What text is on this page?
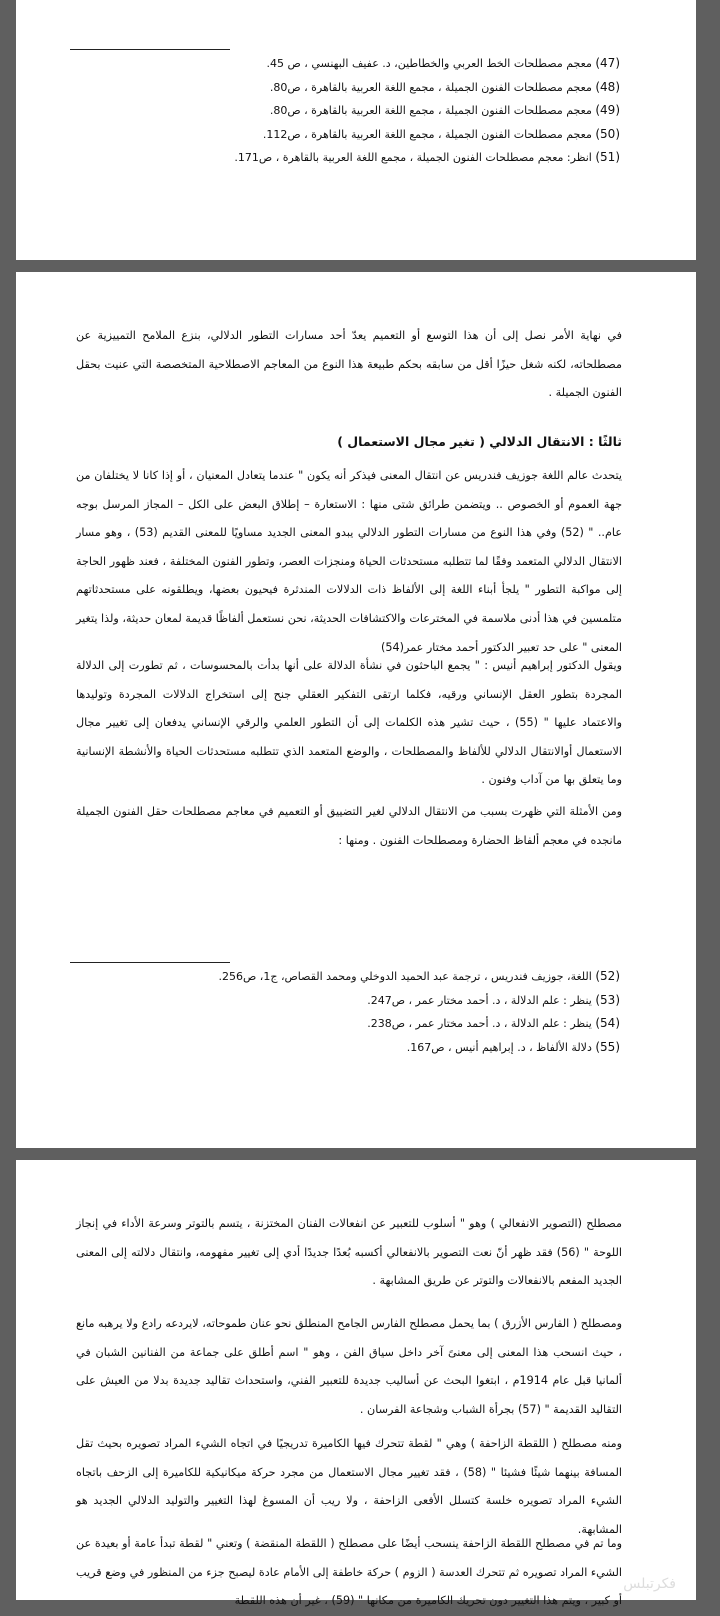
(47) معجم مصطلحات الخط العربي والخطاطين، د. عفيف البهنسي ، ص 45.
(48) معجم مصطلحات الفنون الجميلة ، مجمع اللغة العربية بالقاهرة ، ص80.
(49) معجم مصطلحات الفنون الجميلة ، مجمع اللغة العربية بالقاهرة ، ص80.
(50) معجم مصطلحات الفنون الجميلة ، مجمع اللغة العربية بالقاهرة ، ص112.
(51) انظر: معجم مصطلحات الفنون الجميلة ، مجمع اللغة العربية بالقاهرة ، ص171.

في نهاية الأمر نصل إلى أن هذا التوسع أو التعميم يعدّ أحد مسارات التطور الدلالي، بنزع الملامح التمييزية عن مصطلحاته، لكنه شغل حيزًا أقل من سابقه بحكم طبيعة هذا النوع من المعاجم الاصطلاحية المتخصصة التي عنيت بحقل الفنون الجميلة .

ثالثًا : الانتقال الدلالي ( تغير مجال الاستعمال )

يتحدث عالم اللغة جوزيف فندريس عن انتقال المعنى فيذكر أنه يكون " عندما يتعادل المعنيان ، أو إذا كانا لا يختلفان من جهة العموم أو الخصوص .. ويتضمن طرائق شتى منها : الاستعارة – إطلاق البعض على الكل – المجاز المرسل بوجه عام.. " (52) وفي هذا النوع من مسارات التطور الدلالي يبدو المعنى الجديد مساويًا للمعنى القديم (53) ، وهو مسار الانتقال الدلالي المتعمد وفقًا لما تتطلبه مستحدثات الحياة ومنجزات العصر، وتطور الفنون المختلفة ، فعند ظهور الحاجة إلى مواكبة التطور " يلجأ أبناء اللغة إلى الألفاظ ذات الدلالات المندثرة فيحيون بعضها، ويطلقونه على مستحدثاتهم متلمسين في هذا أدنى ملاسمة في المخترعات والاكتشافات الحديثة، نحن نستعمل ألفاظًا قديمة لمعان حديثة، ولذا يتغير المعنى " على حد تعبير الدكتور أحمد مختار عمر(54)

ويقول الدكتور إبراهيم أنيس : " يجمع الباحثون في نشأة الدلالة على أنها بدأت بالمحسوسات ، ثم تطورت إلى الدلالة المجردة بتطور العقل الإنساني ورقيه، فكلما ارتقى التفكير العقلي جنح إلى استخراج الدلالات المجردة وتوليدها والاعتماد عليها " (55) ، حيث تشير هذه الكلمات إلى أن التطور العلمي والرقي الإنساني يدفعان إلى تغيير مجال الاستعمال أوالانتقال الدلالي للألفاظ والمصطلحات ، والوضع المتعمد الذي تتطلبه مستحدثات الحياة والأنشطة الإنسانية وما يتعلق بها من آداب وفنون .

ومن الأمثلة التي ظهرت بسبب من الانتقال الدلالي لغير التضييق أو التعميم في معاجم مصطلحات حقل الفنون الجميلة مانجده في معجم ألفاظ الحضارة ومصطلحات الفنون . ومنها :

(52) اللغة، جوزيف فندريس ، ترجمة عبد الحميد الدوخلي ومحمد القصاص، ج1، ص256.
(53) ينظر : علم الدلالة ، د. أحمد مختار عمر ، ص247.
(54) ينظر : علم الدلالة ، د. أحمد مختار عمر ، ص238.
(55) دلالة الألفاظ ، د. إبراهيم أنيس ، ص167.

مصطلح (التصوير الانفعالي ) وهو " أسلوب للتعبير عن انفعالات الفنان المختزنة ، يتسم بالتوتر وسرعة الأداء في إنجاز اللوحة " (56) فقد ظهر أنّ نعت التصوير بالانفعالي أكسبه بُعدًا جديدًا أدي إلى تغيير مفهومه، وانتقال دلالته إلى المعنى الجديد المفعم بالانفعالات والتوتر عن طريق المشابهة .

ومصطلح ( الفارس الأزرق ) بما يحمل مصطلح الفارس الجامح المنطلق نحو عنان طموحاته، لايردعه رادع ولا يرهبه مانع ، حيث انسحب هذا المعنى إلى معنىً آخر داخل سياق الفن ، وهو " اسم أطلق على جماعة من الفنانين الشبان في ألمانيا قبل عام 1914م ، ابتغوا البحث عن أساليب جديدة للتعبير الفني، واستحداث تقاليد جديدة بدلا من العيش على التقاليد القديمة " (57) بجرأة الشباب وشجاعة الفرسان .

ومنه مصطلح ( اللقطة الزاحفة ) وهي " لقطة تتحرك فيها الكاميرة تدريجيًا في اتجاه الشيء المراد تصويره بحيث تقل المسافة بينهما شيئًا فشيئا " (58) ، فقد تغيير مجال الاستعمال من مجرد حركة ميكانيكية للكاميرة إلى الزحف باتجاه الشيء المراد تصويره خلسة كتسلل الأفعى الزاحفة ، ولا ريب أن المسوغ لهذا التغيير والتوليد الدلالي الجديد هو المشابهة.

وما تم في مصطلح اللقطة الزاحفة ينسحب أيضًا على مصطلح ( اللقطة المنقضة ) وتعني " لقطة تبدأ عامة أو بعيدة عن الشيء المراد تصويره ثم تتحرك العدسة ( الزوم ) حركة خاطفة إلى الأمام عادة ليصبح جزء من المنظور في وضع قريب أو كبير ، ويتم هذا التغيير دون تحريك الكاميرة من مكانها " (59) ، غير أن هذه اللقطة

فكرتبلس
